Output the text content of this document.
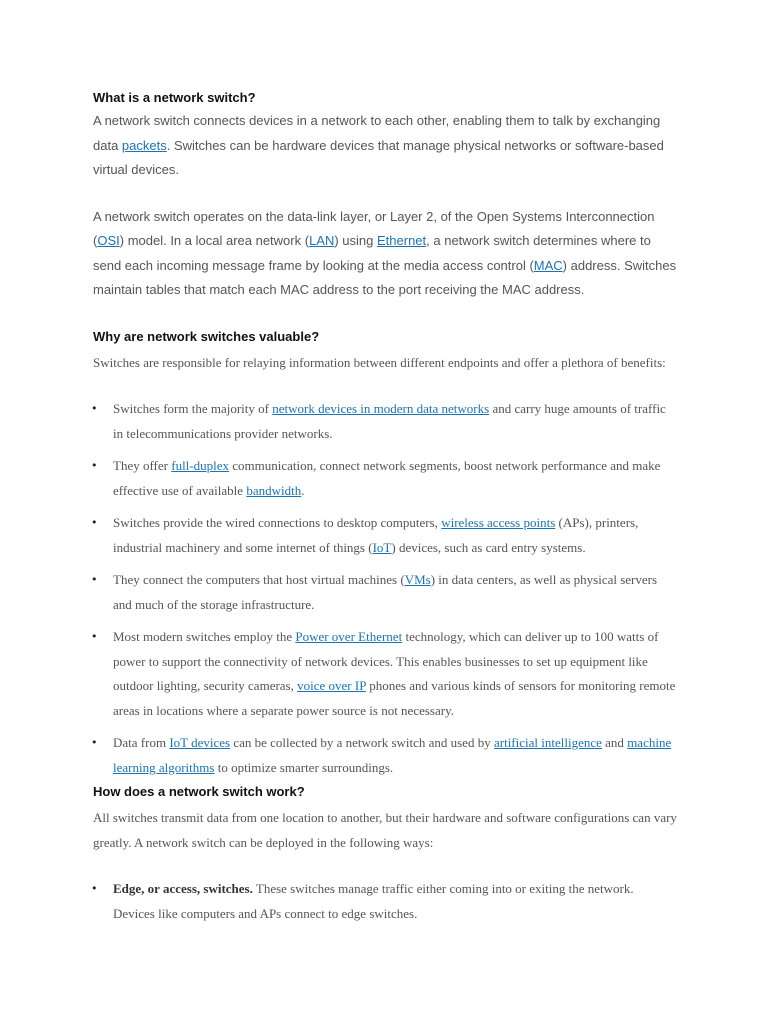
What is a network switch?

A network switch connects devices in a network to each other, enabling them to talk by exchanging data packets. Switches can be hardware devices that manage physical networks or software-based virtual devices.

A network switch operates on the data-link layer, or Layer 2, of the Open Systems Interconnection (OSI) model. In a local area network (LAN) using Ethernet, a network switch determines where to send each incoming message frame by looking at the media access control (MAC) address. Switches maintain tables that match each MAC address to the port receiving the MAC address.

Why are network switches valuable?

Switches are responsible for relaying information between different endpoints and offer a plethora of benefits:

• Switches form the majority of network devices in modern data networks and carry huge amounts of traffic in telecommunications provider networks.
• They offer full-duplex communication, connect network segments, boost network performance and make effective use of available bandwidth.
• Switches provide the wired connections to desktop computers, wireless access points (APs), printers, industrial machinery and some internet of things (IoT) devices, such as card entry systems.
• They connect the computers that host virtual machines (VMs) in data centers, as well as physical servers and much of the storage infrastructure.
• Most modern switches employ the Power over Ethernet technology, which can deliver up to 100 watts of power to support the connectivity of network devices. This enables businesses to set up equipment like outdoor lighting, security cameras, voice over IP phones and various kinds of sensors for monitoring remote areas in locations where a separate power source is not necessary.
• Data from IoT devices can be collected by a network switch and used by artificial intelligence and machine learning algorithms to optimize smarter surroundings.
How does a network switch work?

All switches transmit data from one location to another, but their hardware and software configurations can vary greatly. A network switch can be deployed in the following ways:

• Edge, or access, switches. These switches manage traffic either coming into or exiting the network. Devices like computers and APs connect to edge switches.
